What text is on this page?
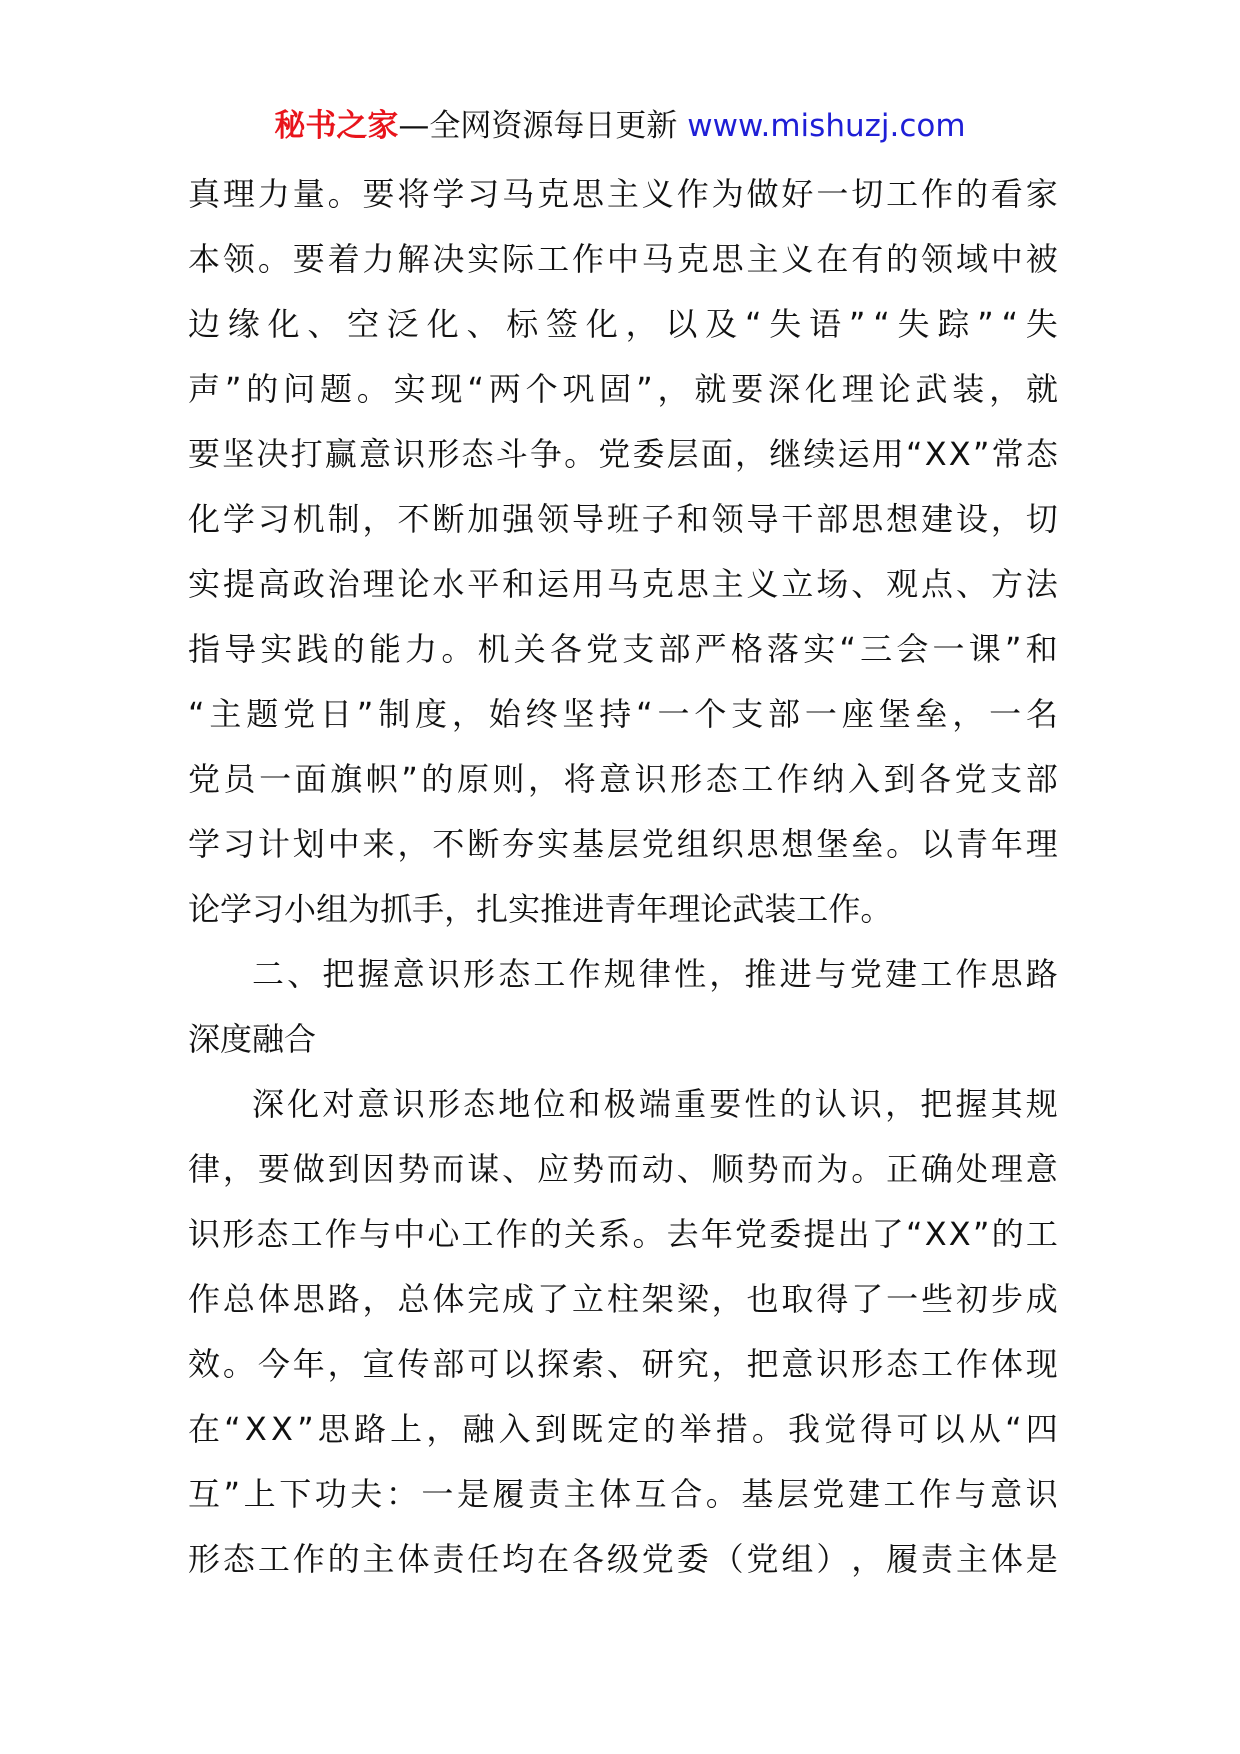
秘书之家—全网资源每日更新 www.mishuzj.com
真 理 力 量 。 要 将 学 习 马 克 思 主 义 作 为 做 好 一 切 工 作 的 看 家
本 领 。 要 着 力 解 决 实 际 工 作 中 马 克 思 主 义 在 有 的 领 域 中 被
边 缘 化 、 空 泛 化 、 标 签 化 ， 以 及 “ 失 语 ” “ 失 踪 ” “ 失
声 ” 的 问 题 。 实 现 “ 两 个 巩 固 ” ， 就 要 深 化 理 论 武 装 ， 就
要 坚 决 打 赢 意 识 形 态 斗 争 。 党 委 层 面 ， 继 续 运 用 “ X X ” 常 态
化 学 习 机 制 ， 不 断 加 强 领 导 班 子 和 领 导 干 部 思 想 建 设 ， 切
实 提 高 政 治 理 论 水 平 和 运 用 马 克 思 主 义 立 场 、 观 点 、 方 法
指 导 实 践 的 能 力 。 机 关 各 党 支 部 严 格 落 实 “ 三 会 一 课 ” 和
“ 主 题 党 日 ” 制 度 ， 始 终 坚 持 “ 一 个 支 部 一 座 堡 垒 ， 一 名
党 员 一 面 旗 帜 ” 的 原 则 ， 将 意 识 形 态 工 作 纳 入 到 各 党 支 部
学 习 计 划 中 来 ， 不 断 夯 实 基 层 党 组 织 思 想 堡 垒 。 以 青 年 理
论 学 习 小 组 为 抓 手 ， 扎 实 推 进 青 年 理 论 武 装 工 作 。
二 、 把 握 意 识 形 态 工 作 规 律 性 ， 推 进 与 党 建 工 作 思 路
深 度 融 合
深 化 对 意 识 形 态 地 位 和 极 端 重 要 性 的 认 识 ， 把 握 其 规
律 ， 要 做 到 因 势 而 谋 、 应 势 而 动 、 顺 势 而 为 。 正 确 处 理 意
识 形 态 工 作 与 中 心 工 作 的 关 系 。 去 年 党 委 提 出 了 “ X X ” 的 工
作 总 体 思 路 ， 总 体 完 成 了 立 柱 架 梁 ， 也 取 得 了 一 些 初 步 成
效 。 今 年 ， 宣 传 部 可 以 探 索 、 研 究 ， 把 意 识 形 态 工 作 体 现
在 “ X X ” 思 路 上 ， 融 入 到 既 定 的 举 措 。 我 觉 得 可 以 从 “ 四
互 ” 上 下 功 夫 ： 一 是 履 责 主 体 互 合 。 基 层 党 建 工 作 与 意 识
形 态 工 作 的 主 体 责 任 均 在 各 级 党 委 （ 党 组 ） ， 履 责 主 体 是
